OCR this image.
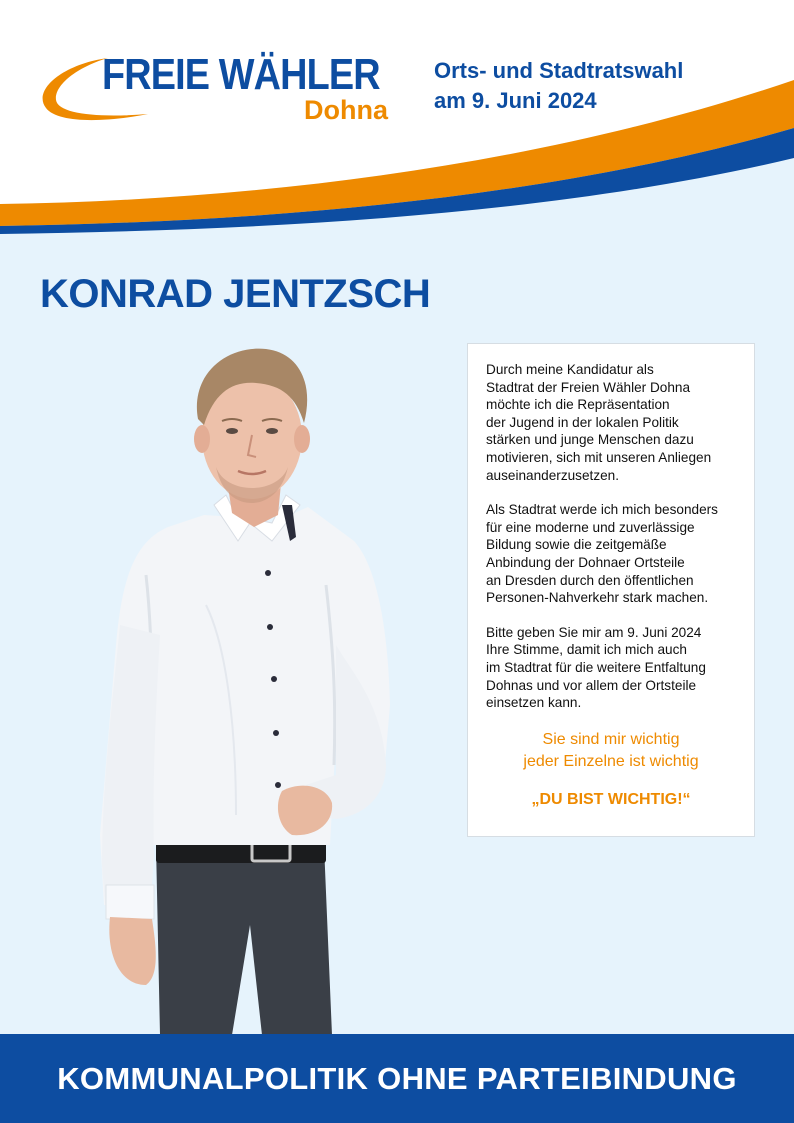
FREIE WÄHLER
Dohna
Orts- und Stadtratswahl
am 9. Juni 2024
KONRAD JENTZSCH

Durch meine Kandidatur als
Stadtrat der Freien Wähler Dohna
möchte ich die Repräsentation
der Jugend in der lokalen Politik
stärken und junge Menschen dazu
motivieren, sich mit unseren Anliegen
auseinanderzusetzen.

Als Stadtrat werde ich mich besonders
für eine moderne und zuverlässige
Bildung sowie die zeitgemäße
Anbindung der Dohnaer Ortsteile
an Dresden durch den öffentlichen
Personen-Nahverkehr stark machen.

Bitte geben Sie mir am 9. Juni 2024
Ihre Stimme, damit ich mich auch
im Stadtrat für die weitere Entfaltung
Dohnas und vor allem der Ortsteile
einsetzen kann.

Sie sind mir wichtig
jeder Einzelne ist wichtig
„DU BIST WICHTIG!“
KOMMUNALPOLITIK OHNE PARTEIBINDUNG
